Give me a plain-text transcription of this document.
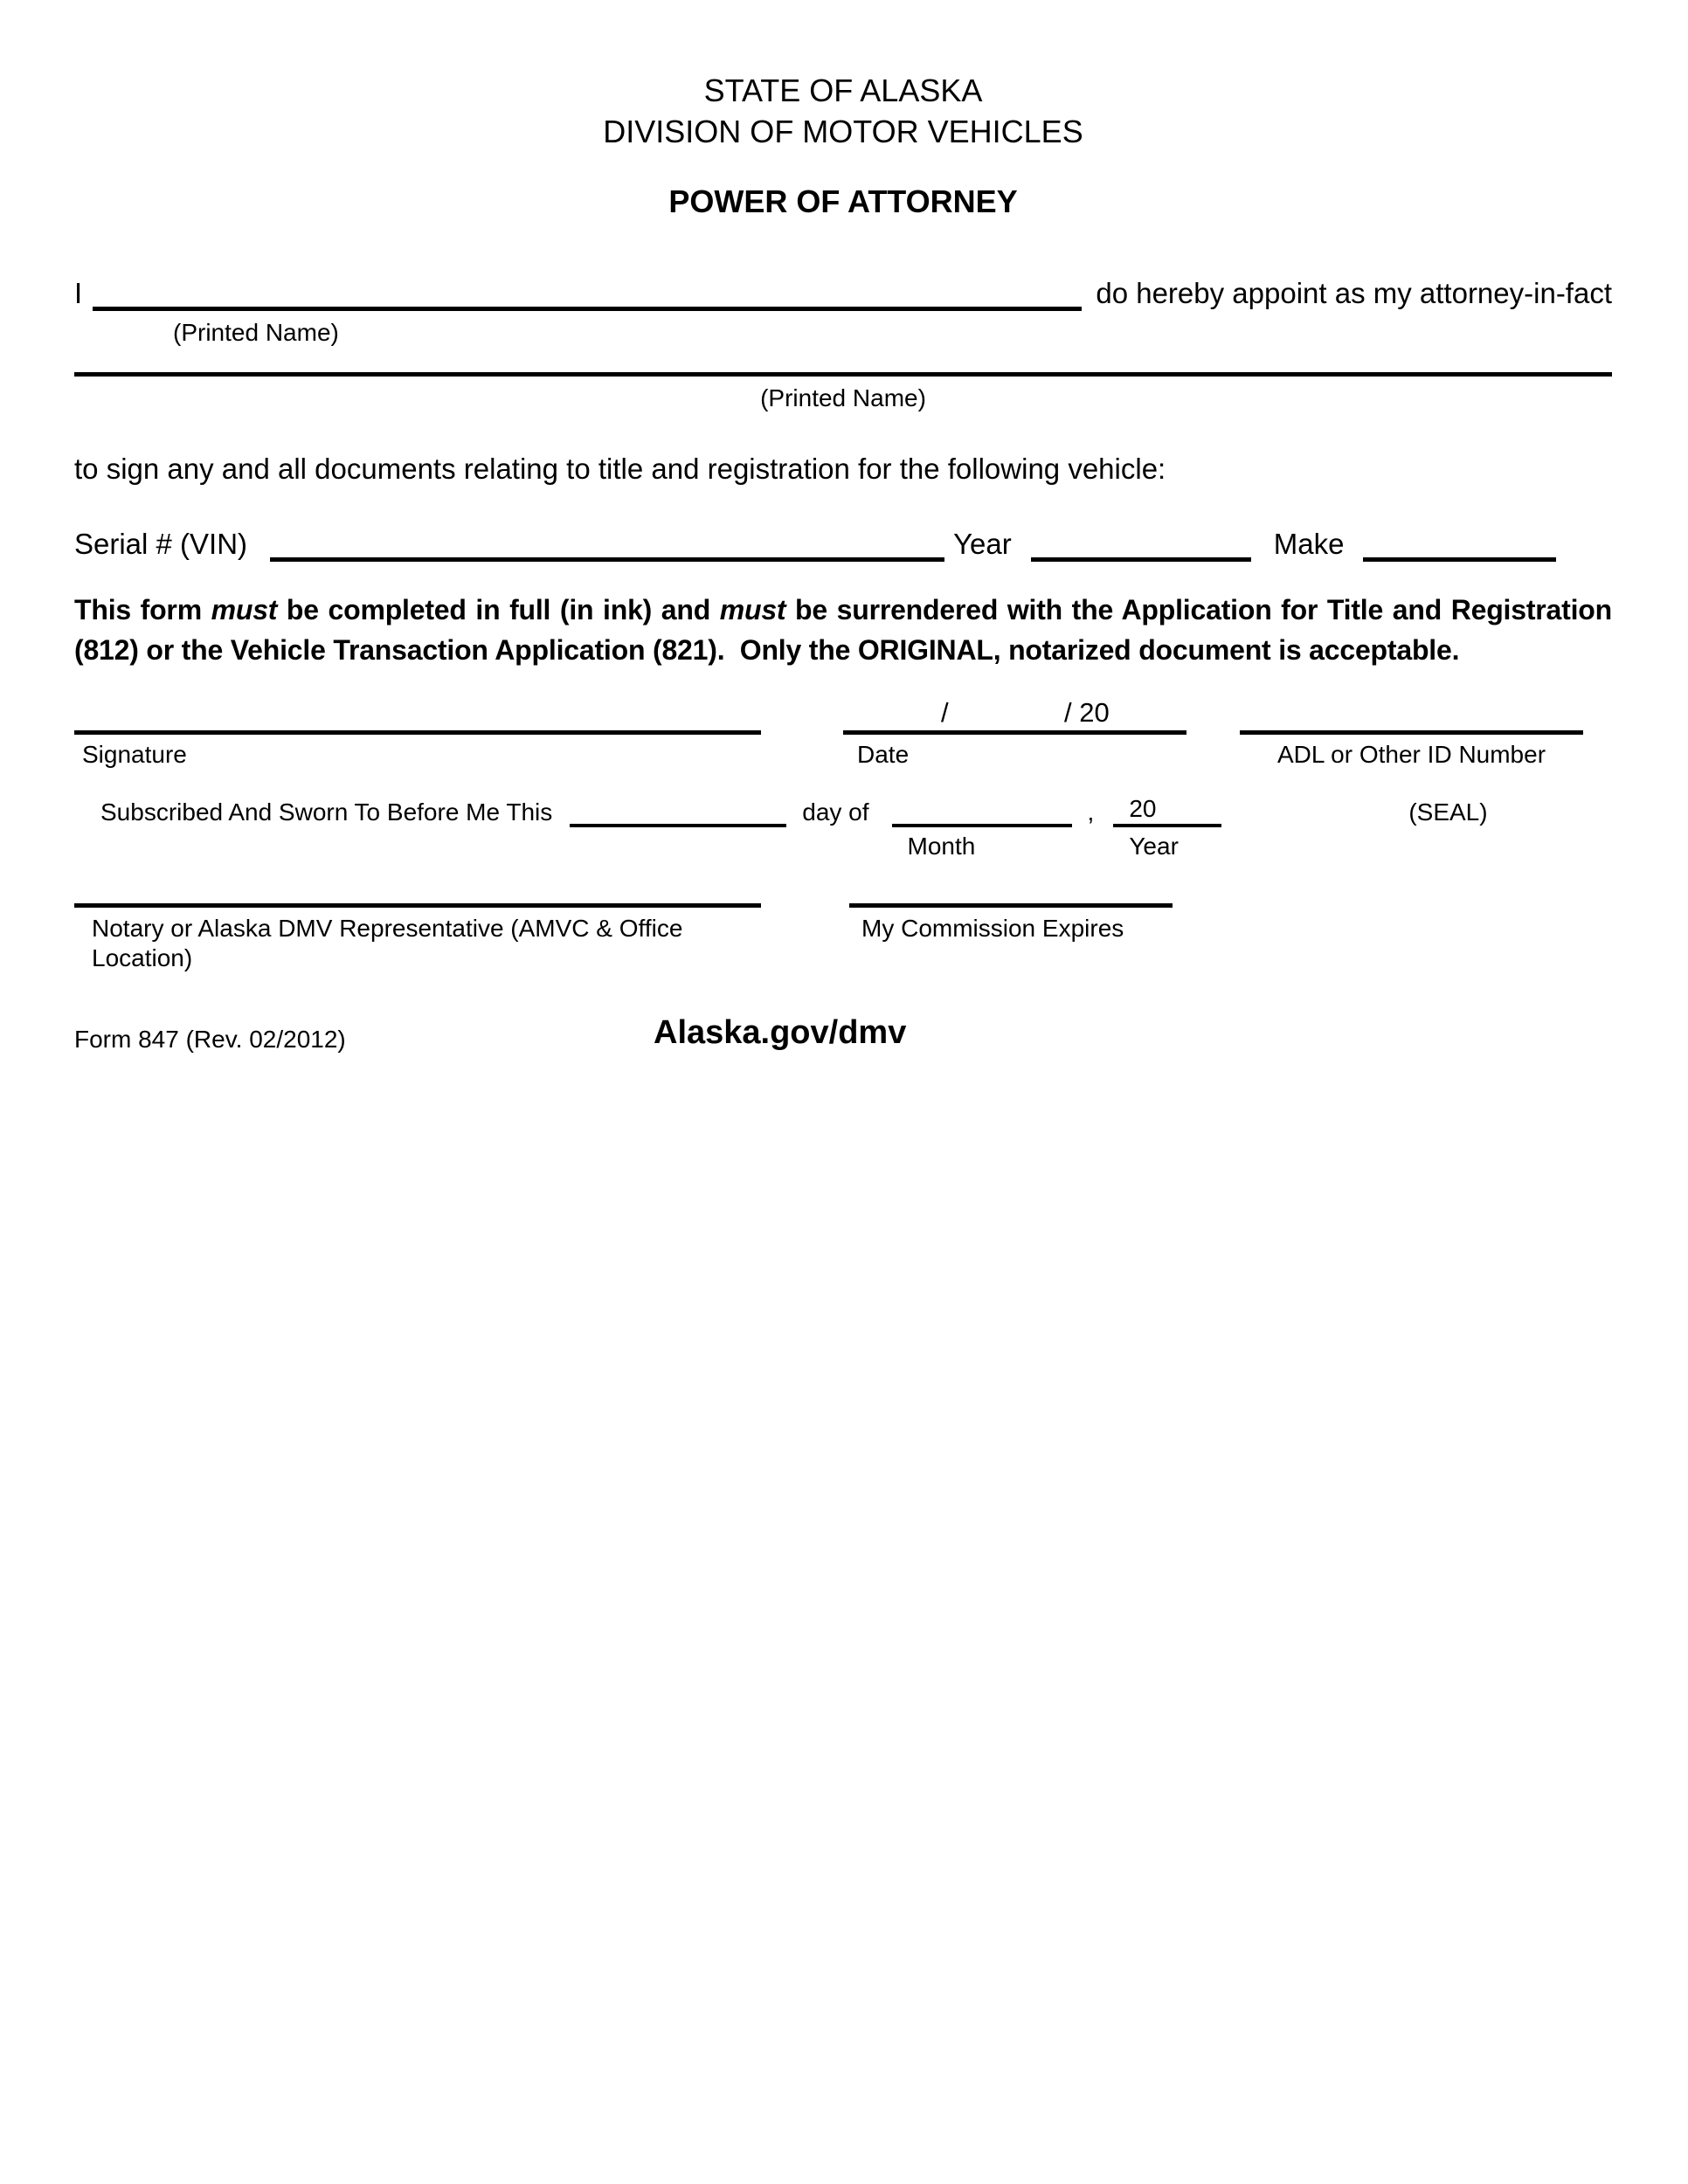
STATE OF ALASKA
DIVISION OF MOTOR VEHICLES
POWER OF ATTORNEY
I	do hereby appoint as my attorney-in-fact
(Printed Name)
(Printed Name)
to sign any and all documents relating to title and registration for the following vehicle:
Serial # (VIN)	Year	Make

This form must be completed in full (in ink) and must be surrendered with the Application for Title and Registration (812) or the Vehicle Transaction Application (821).  Only the ORIGINAL, notarized document is acceptable.

Signature
/	/ 20
Date	ADL or Other ID Number
Subscribed And Sworn To Before Me This	day of
Month
, 20
Year
(SEAL)
Notary or Alaska DMV Representative (AMVC & Office Location)
My Commission Expires
Form 847 (Rev. 02/2012)	Alaska.gov/dmv
